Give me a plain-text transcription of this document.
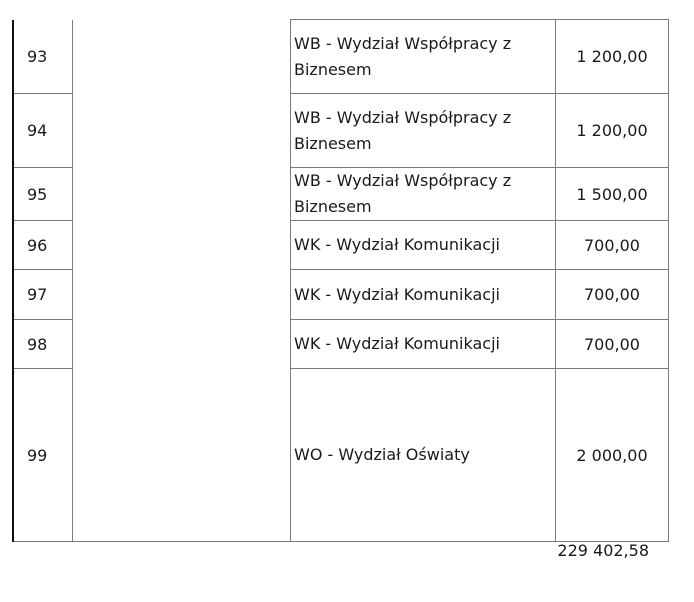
93		WB - Wydział Współpracy z Biznesem	1 200,00
94		WB - Wydział Współpracy z Biznesem	1 200,00
95		WB - Wydział Współpracy z Biznesem	1 500,00
96		WK - Wydział Komunikacji	700,00
97		WK - Wydział Komunikacji	700,00
98		WK - Wydział Komunikacji	700,00
99		WO - Wydział Oświaty	2 000,00
229 402,58
